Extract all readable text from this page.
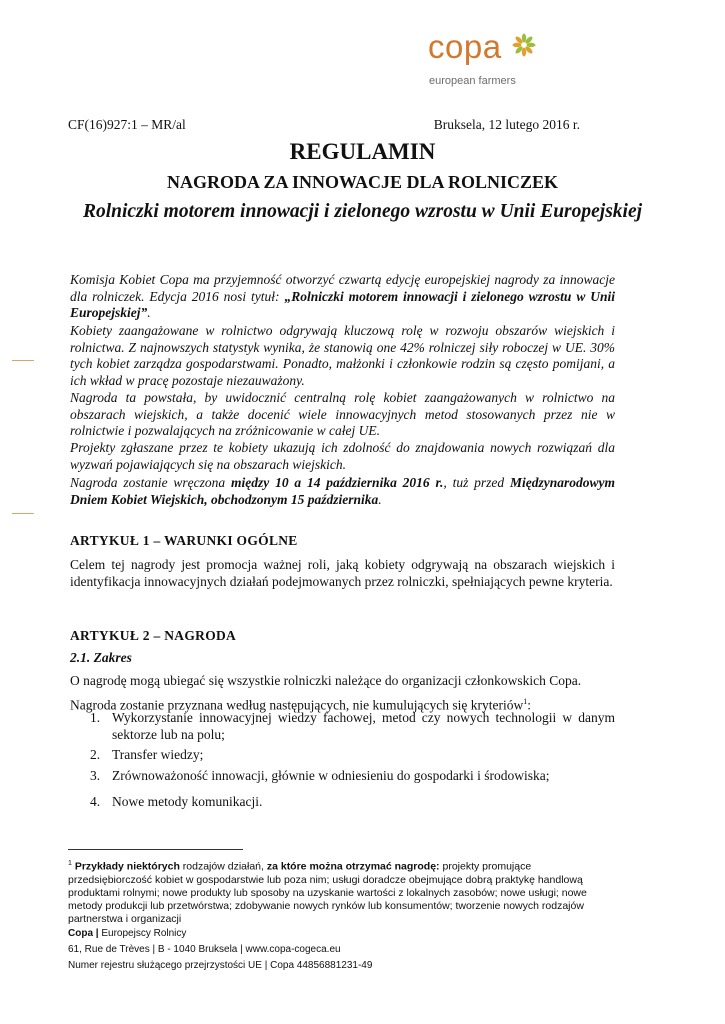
copa
european farmers
CF(16)927:1 – MR/al	Bruksela, 12 lutego 2016 r.
REGULAMIN
NAGRODA ZA INNOWACJE DLA ROLNICZEK
Rolniczki motorem innowacji i zielonego wzrostu w Unii Europejskiej
Komisja Kobiet Copa ma przyjemność otworzyć czwartą edycję europejskiej nagrody za innowacje dla rolniczek. Edycja 2016 nosi tytuł: „Rolniczki motorem innowacji i zielonego wzrostu w Unii Europejskiej”.
Kobiety zaangażowane w rolnictwo odgrywają kluczową rolę w rozwoju obszarów wiejskich i rolnictwa. Z najnowszych statystyk wynika, że stanowią one 42% rolniczej siły roboczej w UE. 30% tych kobiet zarządza gospodarstwami. Ponadto, małżonki i członkowie rodzin są często pomijani, a ich wkład w pracę pozostaje niezauważony.
Nagroda ta powstała, by uwidocznić centralną rolę kobiet zaangażowanych w rolnictwo na obszarach wiejskich, a także docenić wiele innowacyjnych metod stosowanych przez nie w rolnictwie i pozwalających na zróżnicowanie w całej UE.
Projekty zgłaszane przez te kobiety ukazują ich zdolność do znajdowania nowych rozwiązań dla wyzwań pojawiających się na obszarach wiejskich.
Nagroda zostanie wręczona między 10 a 14 października 2016 r., tuż przed Międzynarodowym Dniem Kobiet Wiejskich, obchodzonym 15 października.
ARTYKUŁ 1 – WARUNKI OGÓLNE
Celem tej nagrody jest promocja ważnej roli, jaką kobiety odgrywają na obszarach wiejskich i identyfikacja innowacyjnych działań podejmowanych przez rolniczki, spełniających pewne kryteria.
ARTYKUŁ 2 – NAGRODA
2.1. Zakres
O nagrodę mogą ubiegać się wszystkie rolniczki należące do organizacji członkowskich Copa.
Nagroda zostanie przyznana według następujących, nie kumulujących się kryteriów$^1$:
1. Wykorzystanie innowacyjnej wiedzy fachowej, metod czy nowych technologii w danym sektorze lub na polu;
2. Transfer wiedzy;
3. Zrównoważoność innowacji, głównie w odniesieniu do gospodarki i środowiska;
4. Nowe metody komunikacji.
$^1$ Przykłady niektórych rodzajów działań, za które można otrzymać nagrodę: projekty promujące przedsiębiorczość kobiet w gospodarstwie lub poza nim; usługi doradcze obejmujące dobrą praktykę handlową produktami rolnymi; nowe produkty lub sposoby na uzyskanie wartości z lokalnych zasobów; nowe usługi; nowe metody produkcji lub przetwórstwa; zdobywanie nowych rynków lub konsumentów; tworzenie nowych rodzajów partnerstwa i organizacji
Copa | Europejscy Rolnicy
61, Rue de Trèves | B - 1040 Bruksela | www.copa-cogeca.eu
Numer rejestru służącego przejrzystości UE | Copa 44856881231-49
